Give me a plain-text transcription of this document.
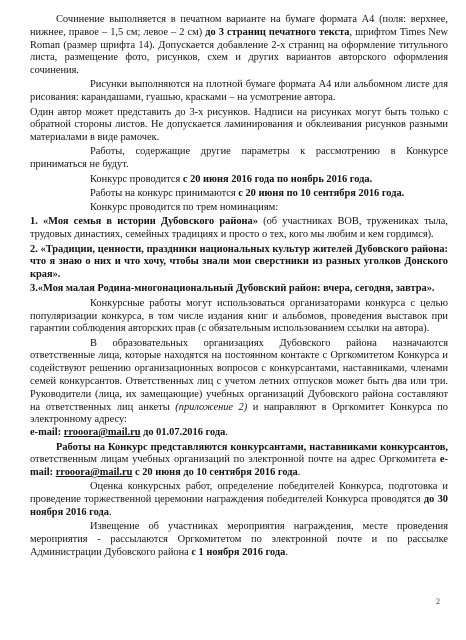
Сочинение выполняется в печатном варианте на бумаге формата А4 (поля: верхнее, нижнее, правое – 1,5 см; левое – 2 см) до 3 страниц печатного текста, шрифтом Times New Roman (размер шрифта 14). Допускается добавление 2-х страниц на оформление титульного листа, размещение фото, рисунков, схем и других вариантов авторского оформления сочинения.

Рисунки выполняются на плотной бумаге формата А4 или альбомном листе для рисования: карандашами, гуашью, красками – на усмотрение автора.

Один автор может представить до 3-х рисунков. Надписи на рисунках могут быть только с обратной стороны листов. Не допускается ламинирования и обклеивания рисунков разными материалами в виде рамочек.

Работы, содержащие другие параметры к рассмотрению в Конкурсе приниматься не будут.

Конкурс проводится с 20 июня 2016 года по ноябрь 2016 года.

Работы на конкурс принимаются с 20 июня по 10 сентября 2016 года.

Конкурс проводится по трем номинациям:

1. «Моя семья в истории Дубовского района» (об участниках ВОВ, тружениках тыла, трудовых династиях, семейных традициях и просто о тех, кого мы любим и кем гордимся).

2. «Традиции, ценности, праздники национальных культур жителей Дубовского района: что я знаю о них и что хочу, чтобы знали мои сверстники из разных уголков Донского края».

3.«Моя малая Родина-многонациональный Дубовский район: вчера, сегодня, завтра».

Конкурсные работы могут использоваться организаторами конкурса с целью популяризации конкурса, в том числе издания книг и альбомов, проведения выставок при гарантии соблюдения авторских прав (с обязательным использованием ссылки на автора).

В образовательных организациях Дубовского района назначаются ответственные лица, которые находятся на постоянном контакте с Оргкомитетом Конкурса и содействуют решению организационных вопросов с конкурсантами, наставниками, членами семей конкурсантов. Ответственных лиц с учетом летних отпусков может быть два или три. Руководители (лица, их замещающие) учебных организаций Дубовского района составляют на ответственных лиц анкеты (приложение 2) и направляют в Оргкомитет Конкурса по электронному адресу:
e-mail: rrooora@mail.ru до 01.07.2016 года.

Работы на Конкурс представляются конкурсантами, наставниками конкурсантов, ответственным лицам учебных организаций по электронной почте на адрес Оргкомитета e-mail: rrooora@mail.ru с 20 июня до 10 сентября 2016 года.

Оценка конкурсных работ, определение победителей Конкурса, подготовка и проведение торжественной церемонии награждения победителей Конкурса проводятся до 30 ноября 2016 года.

Извещение об участниках мероприятия награждения, месте проведения мероприятия - рассылаются Оргкомитетом по электронной почте и по рассылке Администрации Дубовского района с 1 ноября 2016 года.

2
